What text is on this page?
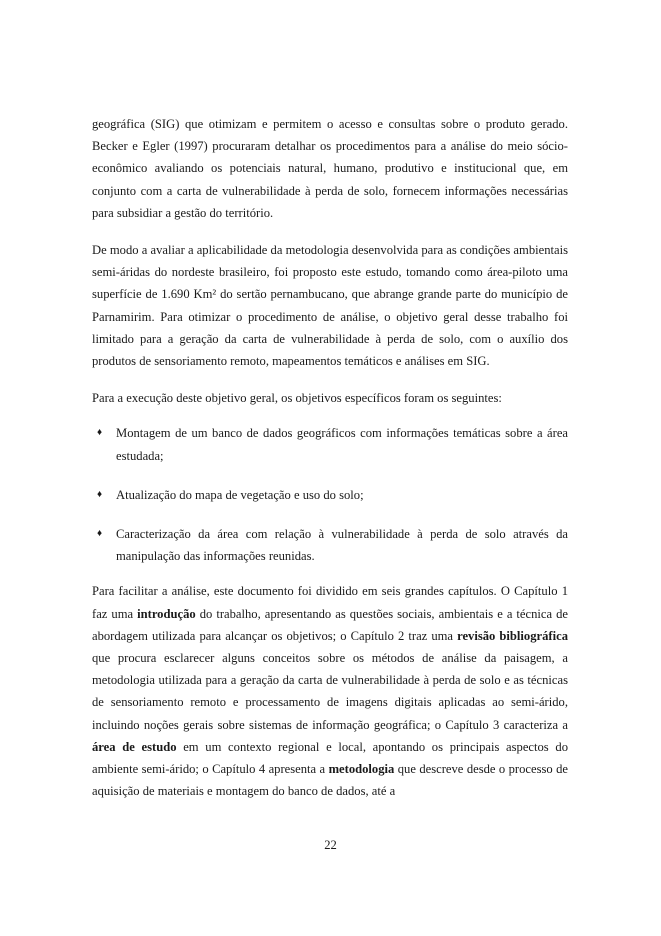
geográfica (SIG) que otimizam e permitem o acesso e consultas sobre o produto gerado. Becker e Egler (1997) procuraram detalhar os procedimentos para a análise do meio sócio-econômico avaliando os potenciais natural, humano, produtivo e institucional que, em conjunto com a carta de vulnerabilidade à perda de solo, fornecem informações necessárias para subsidiar a gestão do território.

De modo a avaliar a aplicabilidade da metodologia desenvolvida para as condições ambientais semi-áridas do nordeste brasileiro, foi proposto este estudo, tomando como área-piloto uma superfície de 1.690 Km² do sertão pernambucano, que abrange grande parte do município de Parnamirim. Para otimizar o procedimento de análise, o objetivo geral desse trabalho foi limitado para a geração da carta de vulnerabilidade à perda de solo, com o auxílio dos produtos de sensoriamento remoto, mapeamentos temáticos e análises em SIG.

Para a execução deste objetivo geral, os objetivos específicos foram os seguintes:

♦ Montagem de um banco de dados geográficos com informações temáticas sobre a área estudada;
♦ Atualização do mapa de vegetação e uso do solo;
♦ Caracterização da área com relação à vulnerabilidade à perda de solo através da manipulação das informações reunidas.

Para facilitar a análise, este documento foi dividido em seis grandes capítulos. O Capítulo 1 faz uma introdução do trabalho, apresentando as questões sociais, ambientais e a técnica de abordagem utilizada para alcançar os objetivos; o Capítulo 2 traz uma revisão bibliográfica que procura esclarecer alguns conceitos sobre os métodos de análise da paisagem, a metodologia utilizada para a geração da carta de vulnerabilidade à perda de solo e as técnicas de sensoriamento remoto e processamento de imagens digitais aplicadas ao semi-árido, incluindo noções gerais sobre sistemas de informação geográfica; o Capítulo 3 caracteriza a área de estudo em um contexto regional e local, apontando os principais aspectos do ambiente semi-árido; o Capítulo 4 apresenta a metodologia que descreve desde o processo de aquisição de materiais e montagem do banco de dados, até a

22
